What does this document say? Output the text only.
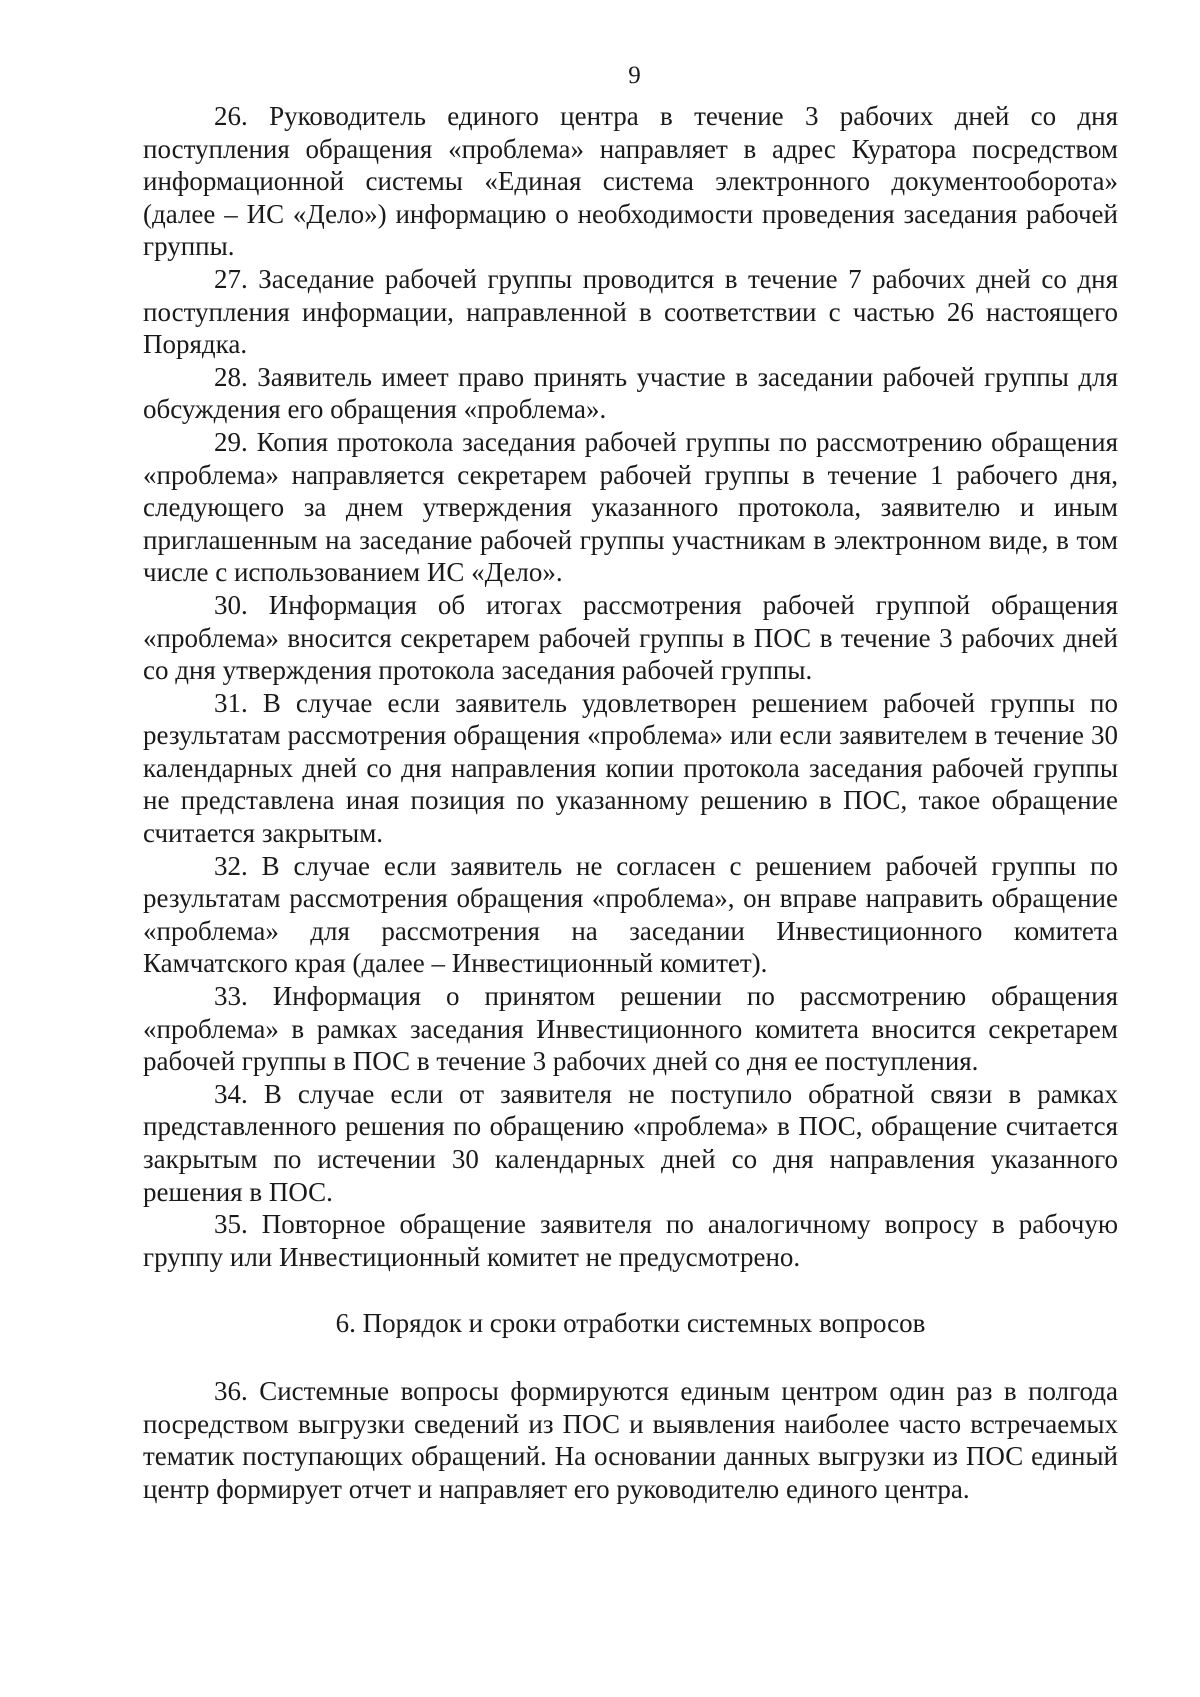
9

26. Руководитель единого центра в течение 3 рабочих дней со дня поступления обращения «проблема» направляет в адрес Куратора посредством информационной системы «Единая система электронного документооборота» (далее – ИС «Дело») информацию о необходимости проведения заседания рабочей группы.

27. Заседание рабочей группы проводится в течение 7 рабочих дней со дня поступления информации, направленной в соответствии с частью 26 настоящего Порядка.

28. Заявитель имеет право принять участие в заседании рабочей группы для обсуждения его обращения «проблема».

29. Копия протокола заседания рабочей группы по рассмотрению обращения «проблема» направляется секретарем рабочей группы в течение 1 рабочего дня, следующего за днем утверждения указанного протокола, заявителю и иным приглашенным на заседание рабочей группы участникам в электронном виде, в том числе с использованием ИС «Дело».

30. Информация об итогах рассмотрения рабочей группой обращения «проблема» вносится секретарем рабочей группы в ПОС в течение 3 рабочих дней со дня утверждения протокола заседания рабочей группы.

31. В случае если заявитель удовлетворен решением рабочей группы по результатам рассмотрения обращения «проблема» или если заявителем в течение 30 календарных дней со дня направления копии протокола заседания рабочей группы не представлена иная позиция по указанному решению в ПОС, такое обращение считается закрытым.

32. В случае если заявитель не согласен с решением рабочей группы по результатам рассмотрения обращения «проблема», он вправе направить обращение «проблема» для рассмотрения на заседании Инвестиционного комитета Камчатского края (далее – Инвестиционный комитет).

33. Информация о принятом решении по рассмотрению обращения «проблема» в рамках заседания Инвестиционного комитета вносится секретарем рабочей группы в ПОС в течение 3 рабочих дней со дня ее поступления.

34. В случае если от заявителя не поступило обратной связи в рамках представленного решения по обращению «проблема» в ПОС, обращение считается закрытым по истечении 30 календарных дней со дня направления указанного решения в ПОС.

35. Повторное обращение заявителя по аналогичному вопросу в рабочую группу или Инвестиционный комитет не предусмотрено.

6. Порядок и сроки отработки системных вопросов

36. Системные вопросы формируются единым центром один раз в полгода посредством выгрузки сведений из ПОС и выявления наиболее часто встречаемых тематик поступающих обращений. На основании данных выгрузки из ПОС единый центр формирует отчет и направляет его руководителю единого центра.
